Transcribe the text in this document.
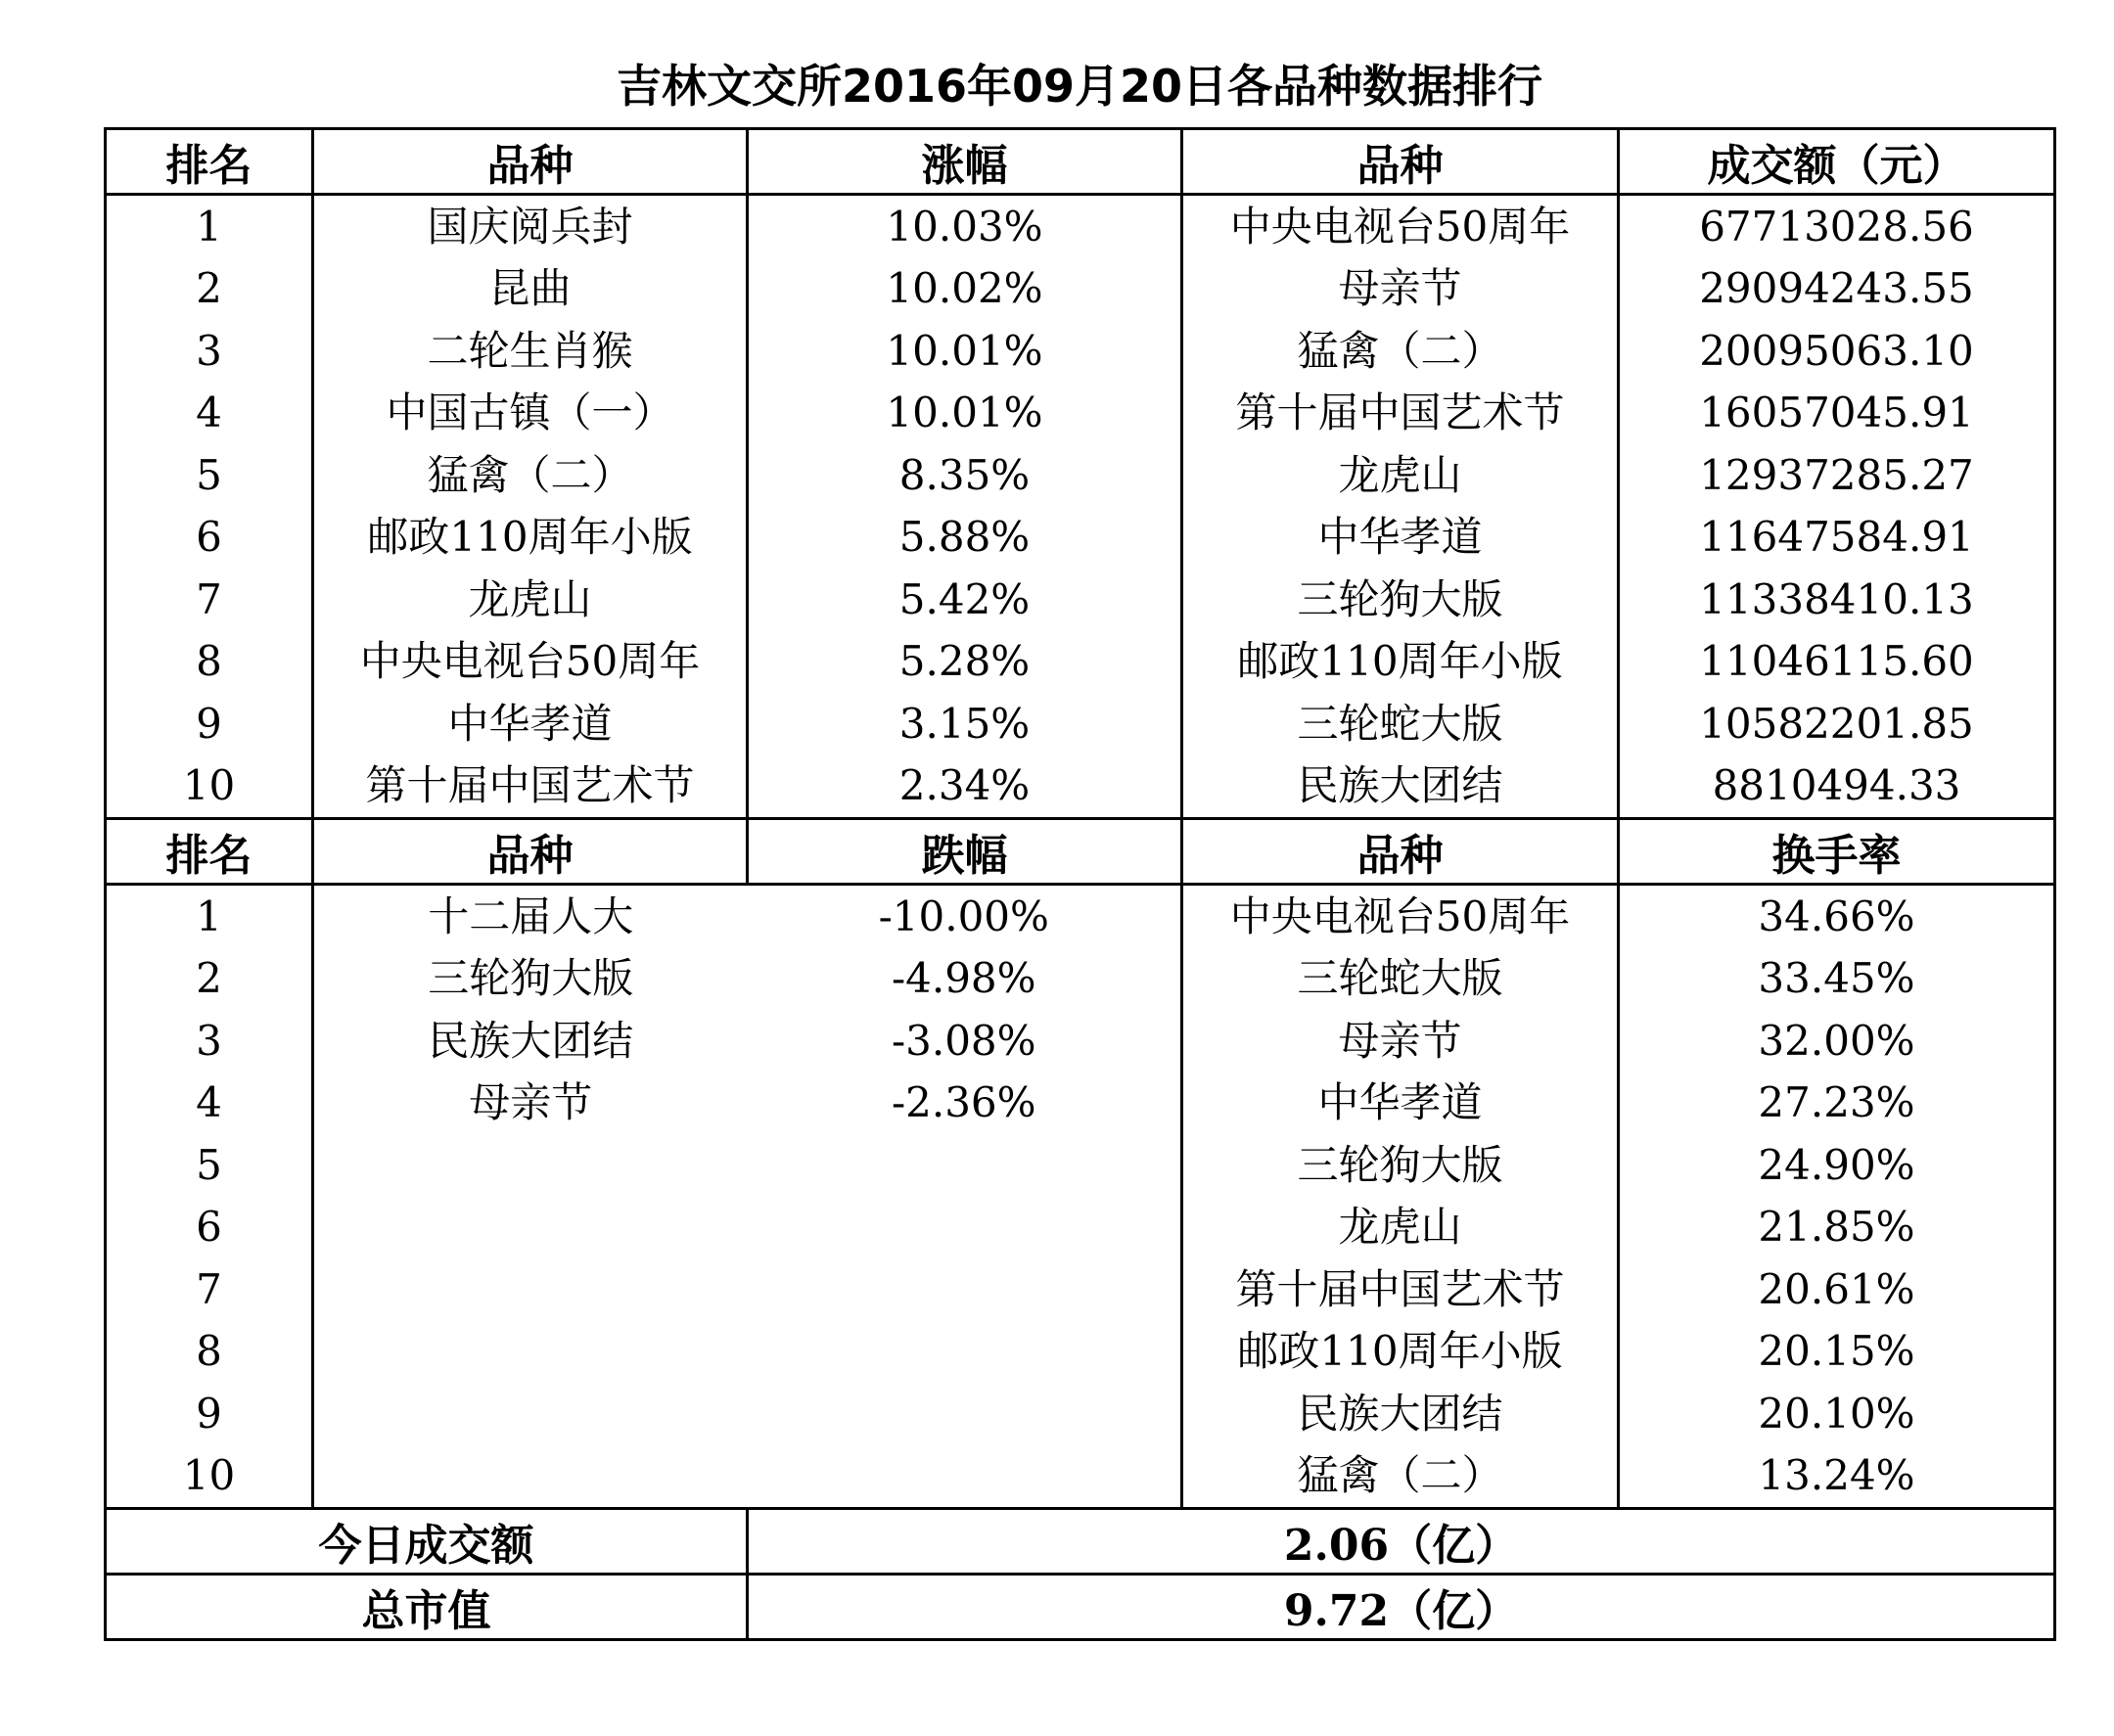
吉林文交所2016年09月20日各品种数据排行
排名	品种	涨幅	品种	成交额（元）
1	国庆阅兵封	10.03%	中央电视台50周年	67713028.56
2	昆曲	10.02%	母亲节	29094243.55
3	二轮生肖猴	10.01%	猛禽（二）	20095063.10
4	中国古镇（一）	10.01%	第十届中国艺术节	16057045.91
5	猛禽（二）	8.35%	龙虎山	12937285.27
6	邮政110周年小版	5.88%	中华孝道	11647584.91
7	龙虎山	5.42%	三轮狗大版	11338410.13
8	中央电视台50周年	5.28%	邮政110周年小版	11046115.60
9	中华孝道	3.15%	三轮蛇大版	10582201.85
10	第十届中国艺术节	2.34%	民族大团结	8810494.33
排名	品种	跌幅	品种	换手率
1	十二届人大	-10.00%	中央电视台50周年	34.66%
2	三轮狗大版	-4.98%	三轮蛇大版	33.45%
3	民族大团结	-3.08%	母亲节	32.00%
4	母亲节	-2.36%	中华孝道	27.23%
5			三轮狗大版	24.90%
6			龙虎山	21.85%
7			第十届中国艺术节	20.61%
8			邮政110周年小版	20.15%
9			民族大团结	20.10%
10			猛禽（二）	13.24%
今日成交额		2.06（亿）		
总市值		9.72（亿）		
